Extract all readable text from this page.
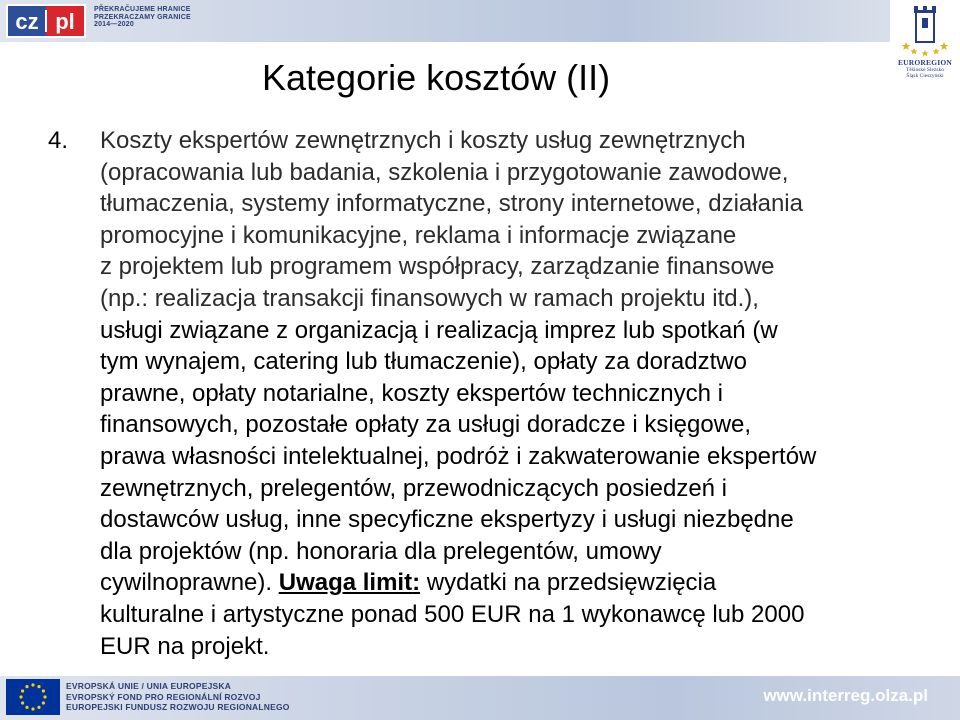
cz pl	PŘEKRAČUJEME HRANICE
PRZEKRACZAMY GRANICE
2014—2020
EUROREGION
Těšínské Slezsko
Śląsk Cieszyński
Kategorie kosztów (II)
4. Koszty ekspertów zewnętrznych i koszty usług zewnętrznych
(opracowania lub badania, szkolenia i przygotowanie zawodowe,
tłumaczenia, systemy informatyczne, strony internetowe, działania
promocyjne i komunikacyjne, reklama i informacje związane
z projektem lub programem współpracy, zarządzanie finansowe
(np.: realizacja transakcji finansowych w ramach projektu itd.),
usługi związane z organizacją i realizacją imprez lub spotkań (w
tym wynajem, catering lub tłumaczenie), opłaty za doradztwo
prawne, opłaty notarialne, koszty ekspertów technicznych i
finansowych, pozostałe opłaty za usługi doradcze i księgowe,
prawa własności intelektualnej, podróż i zakwaterowanie ekspertów
zewnętrznych, prelegentów, przewodniczących posiedzeń i
dostawców usług, inne specyficzne ekspertyzy i usługi niezbędne
dla projektów (np. honoraria dla prelegentów, umowy
cywilnoprawne). Uwaga limit: wydatki na przedsięwzięcia
kulturalne i artystyczne ponad 500 EUR na 1 wykonawcę lub 2000
EUR na projekt.
EVROPSKÁ UNIE / UNIA EUROPEJSKA
EVROPSKÝ FOND PRO REGIONÁLNÍ ROZVOJ
EUROPEJSKI FUNDUSZ ROZWOJU REGIONALNEGO
www.interreg.olza.pl
